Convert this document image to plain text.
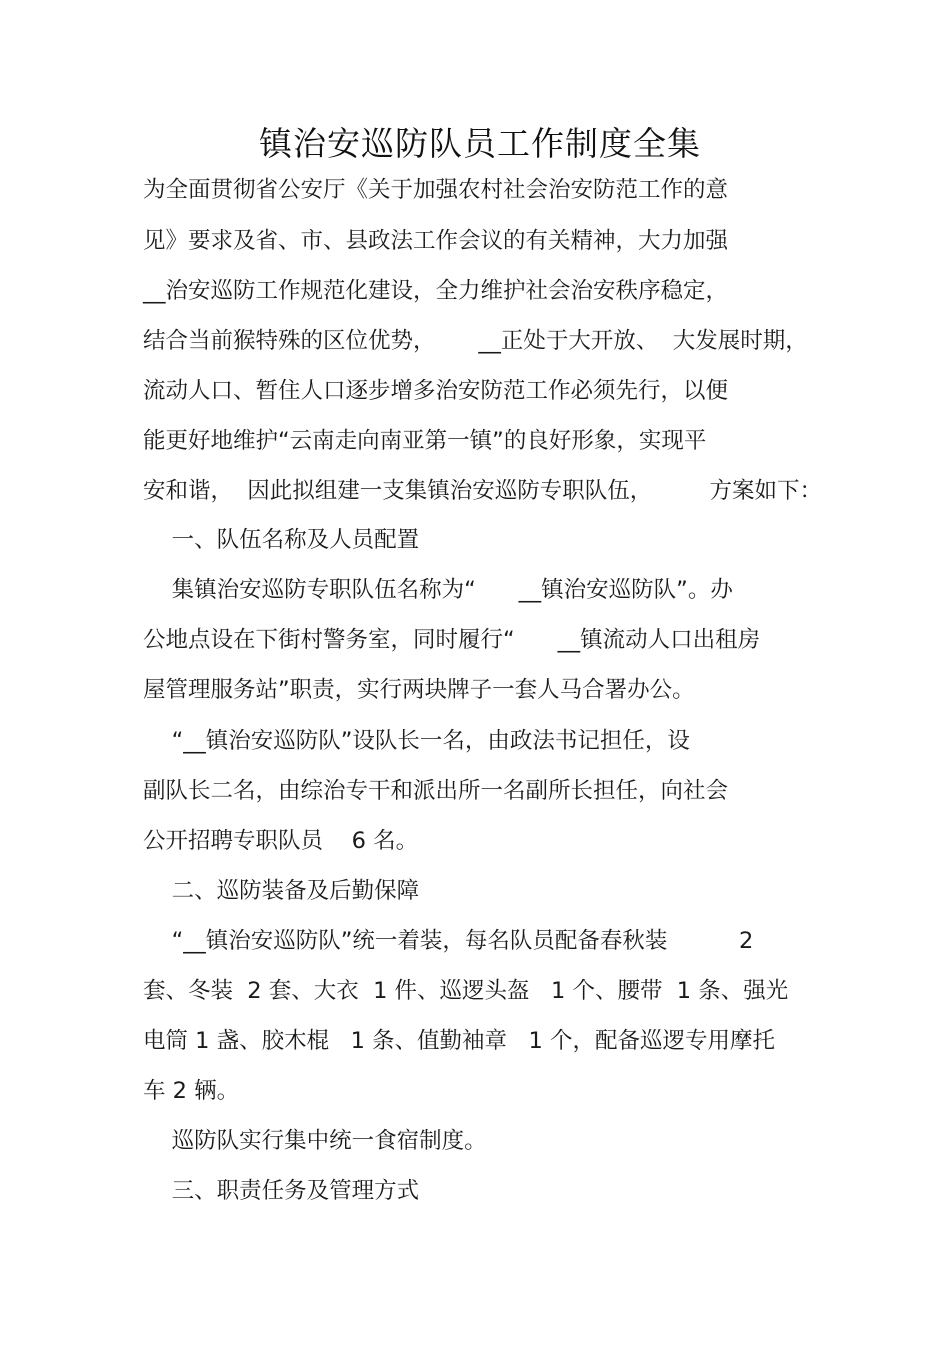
镇治安巡防队员工作制度全集

为全面贯彻省公安厅《关于加强农村社会治安防范工作的意

见》要求及省、市、县政法工作会议的有关精神，大力加强

__治安巡防工作规范化建设，全力维护社会治安秩序稳定，

结合当前猴特殊的区位优势，      __正处于大开放、  大发展时期，

流动人口、暂住人口逐步增多治安防范工作必须先行，以便

能更好地维护“云南走向南亚第一镇”的良好形象，实现平

安和谐，  因此拟组建一支集镇治安巡防专职队伍，        方案如下：

一、队伍名称及人员配置

集镇治安巡防专职队伍名称为“      __镇治安巡防队”。办

公地点设在下街村警务室，同时履行“      __镇流动人口出租房

屋管理服务站”职责，实行两块牌子一套人马合署办公。

“__镇治安巡防队”设队长一名，由政法书记担任，设

副队长二名，由综治专干和派出所一名副所长担任，向社会

公开招聘专职队员    6 名。

二、巡防装备及后勤保障

“__镇治安巡防队”统一着装，每名队员配备春秋装          2

套、冬装  2 套、大衣  1 件、巡逻头盔   1 个、腰带  1 条、强光

电筒 1 盏、胶木棍   1 条、值勤袖章   1 个，配备巡逻专用摩托

车 2 辆。

巡防队实行集中统一食宿制度。

三、职责任务及管理方式
